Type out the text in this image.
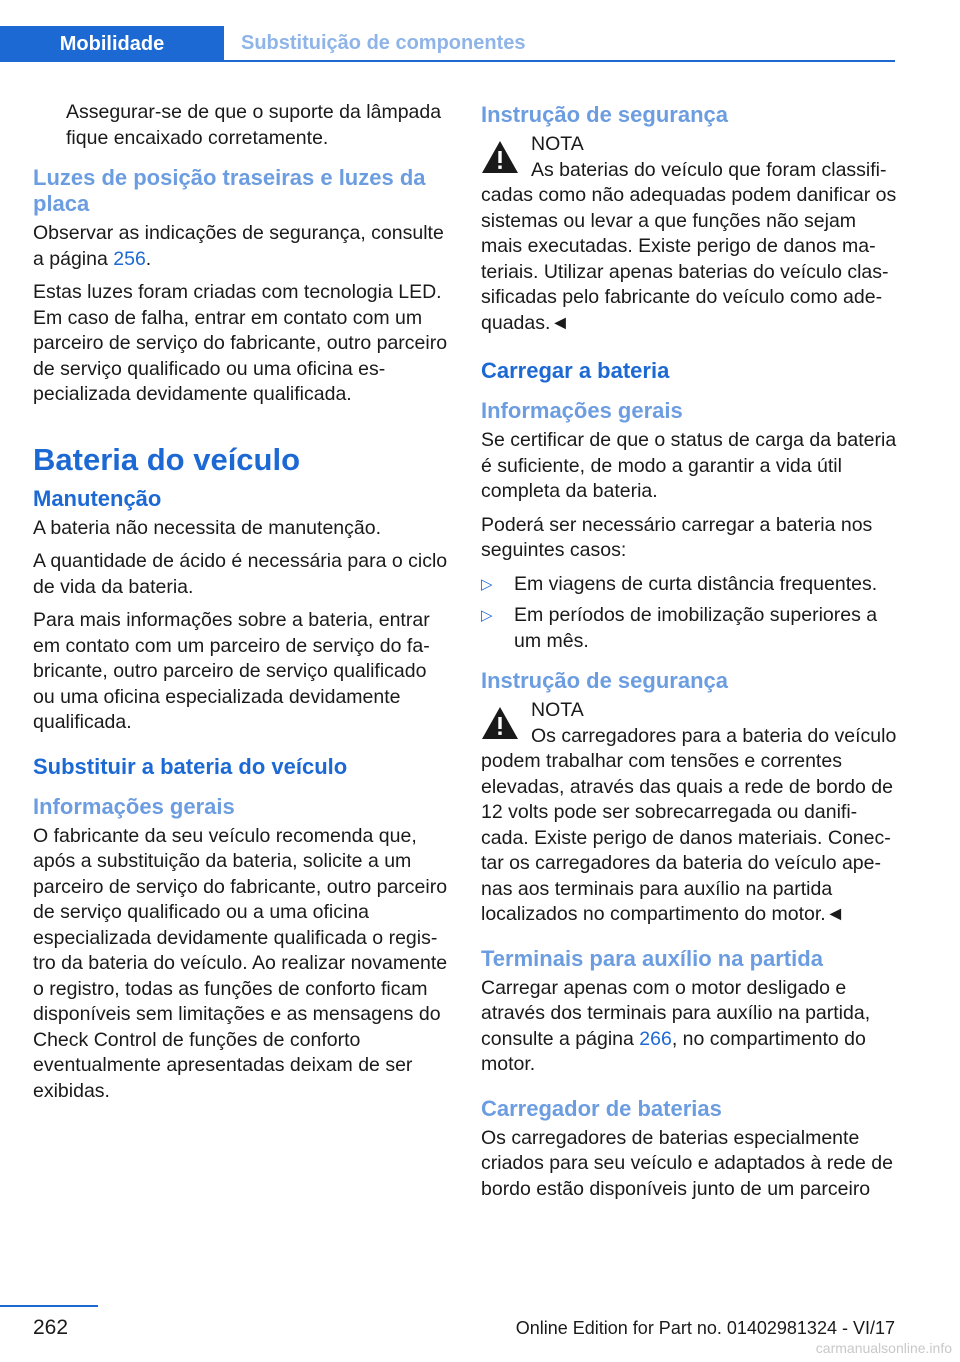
Mobilidade	Substituição de componentes

Assegurar-se de que o suporte da lâmpada fique encaixado corretamente.

Luzes de posição traseiras e luzes da placa

Observar as indicações de segurança, consulte a página 256.

Estas luzes foram criadas com tecnologia LED. Em caso de falha, entrar em contato com um parceiro de serviço do fabricante, outro parceiro de serviço qualificado ou uma oficina especializada devidamente qualificada.

Bateria do veículo
Manutenção

A bateria não necessita de manutenção.

A quantidade de ácido é necessária para o ciclo de vida da bateria.

Para mais informações sobre a bateria, entrar em contato com um parceiro de serviço do fabricante, outro parceiro de serviço qualificado ou uma oficina especializada devidamente qualificada.

Substituir a bateria do veículo
Informações gerais

O fabricante da seu veículo recomenda que, após a substituição da bateria, solicite a um parceiro de serviço do fabricante, outro parceiro de serviço qualificado ou a uma oficina especializada devidamente qualificada o registro da bateria do veículo. Ao realizar novamente o registro, todas as funções de conforto ficam disponíveis sem limitações e as mensagens do Check Control de funções de conforto eventualmente apresentadas deixam de ser exibidas.

Instrução de segurança
NOTA

As baterias do veículo que foram classificadas como não adequadas podem danificar os sistemas ou levar a que funções não sejam mais executadas. Existe perigo de danos materiais. Utilizar apenas baterias do veículo classificadas pelo fabricante do veículo como adequadas.◄

Carregar a bateria
Informações gerais

Se certificar de que o status de carga da bateria é suficiente, de modo a garantir a vida útil completa da bateria.

Poderá ser necessário carregar a bateria nos seguintes casos:

▷ Em viagens de curta distância frequentes.
▷ Em períodos de imobilização superiores a um mês.
Instrução de segurança
NOTA

Os carregadores para a bateria do veículo podem trabalhar com tensões e correntes elevadas, através das quais a rede de bordo de 12 volts pode ser sobrecarregada ou danificada. Existe perigo de danos materiais. Conectar os carregadores da bateria do veículo apenas aos terminais para auxílio na partida localizados no compartimento do motor.◄

Terminais para auxílio na partida

Carregar apenas com o motor desligado e através dos terminais para auxílio na partida, consulte a página 266, no compartimento do motor.

Carregador de baterias

Os carregadores de baterias especialmente criados para seu veículo e adaptados à rede de bordo estão disponíveis junto de um parceiro

262	Online Edition for Part no. 01402981324 - VI/17
carmanualsonline.info
